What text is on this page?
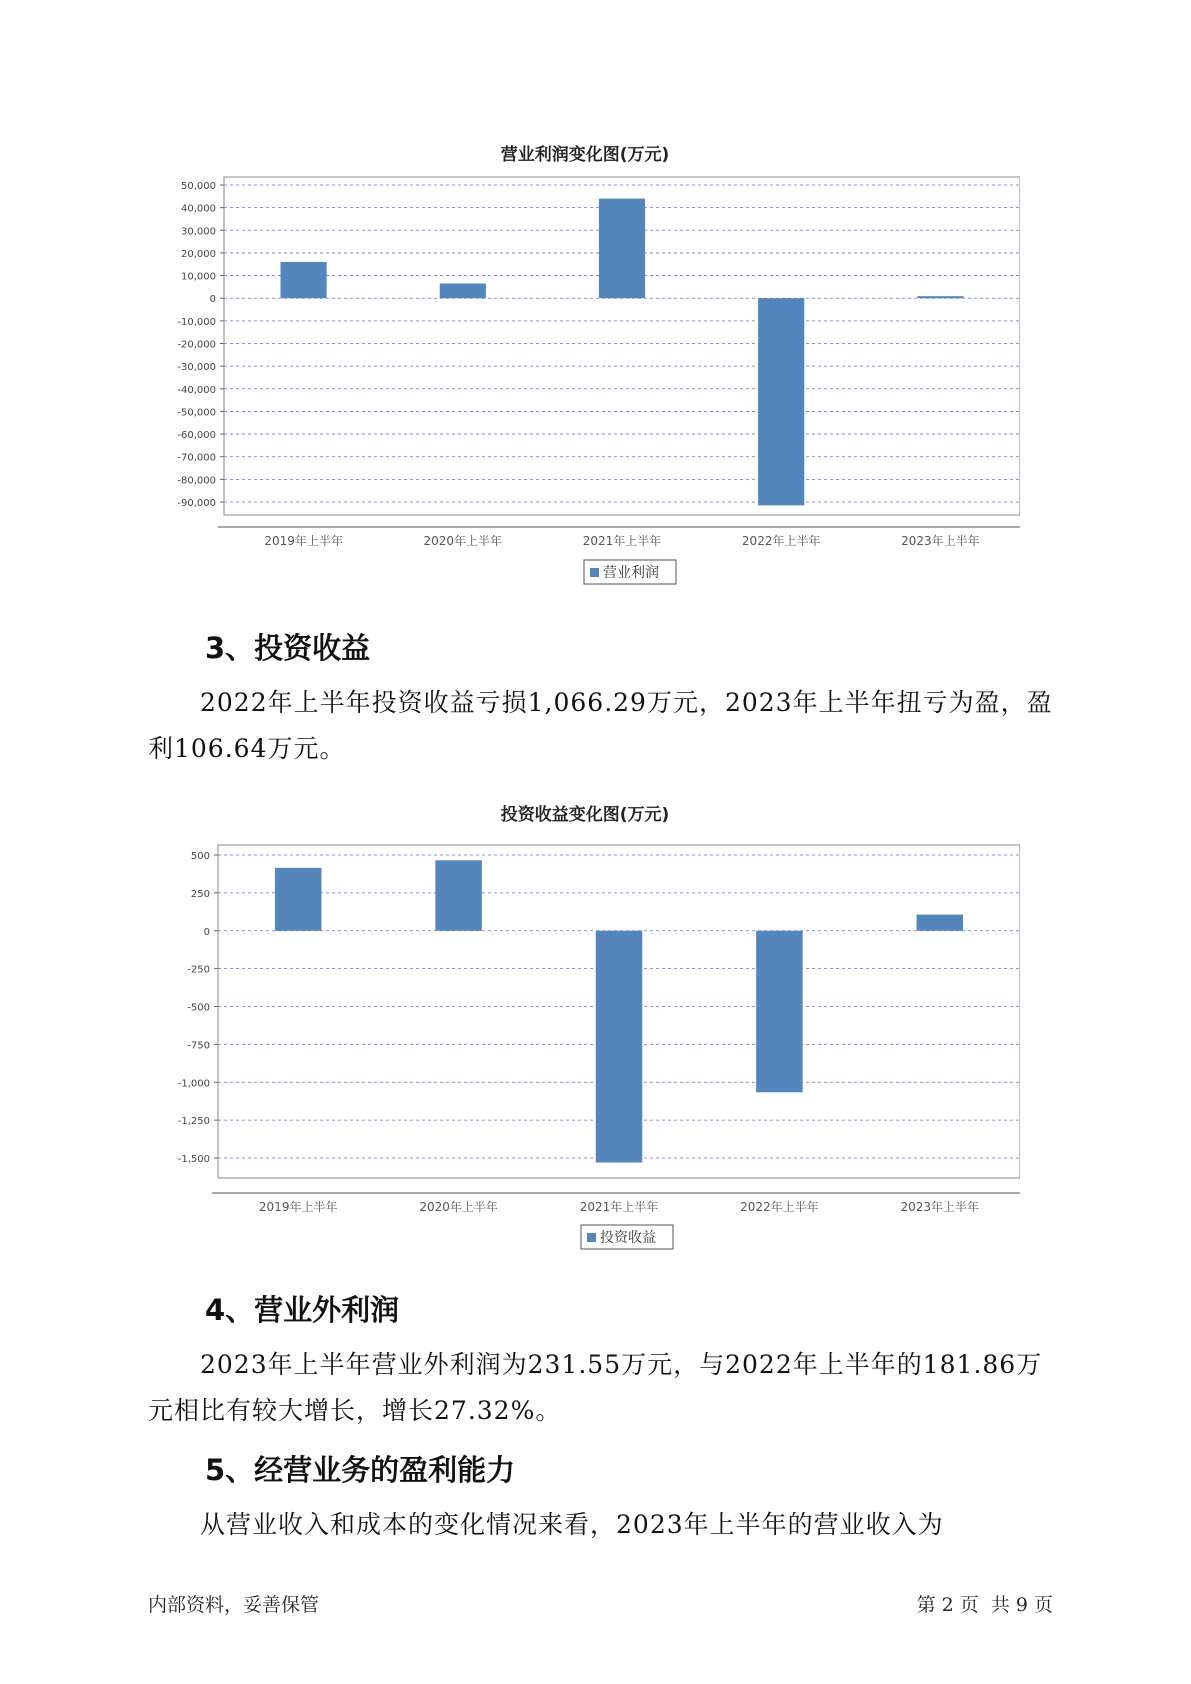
营业利润变化图(万元)
50,000
40,000
30,000
20,000
10,000
0
-10,000
-20,000
-30,000
-40,000
-50,000
-60,000
-70,000
-80,000
-90,000
2019年上半年	2020年上半年	2021年上半年	2022年上半年	2023年上半年
营业利润
3、投资收益
2022年上半年投资收益亏损1,066.29万元，2023年上半年扭亏为盈，盈利106.64万元。
投资收益变化图(万元)
500
250
0
-250
-500
-750
-1,000
-1,250
-1,500
2019年上半年	2020年上半年	2021年上半年	2022年上半年	2023年上半年
投资收益
4、营业外利润
2023年上半年营业外利润为231.55万元，与2022年上半年的181.86万元相比有较大增长，增长27.32%。
5、经营业务的盈利能力
从营业收入和成本的变化情况来看，2023年上半年的营业收入为
内部资料，妥善保管	第 2 页  共 9 页
